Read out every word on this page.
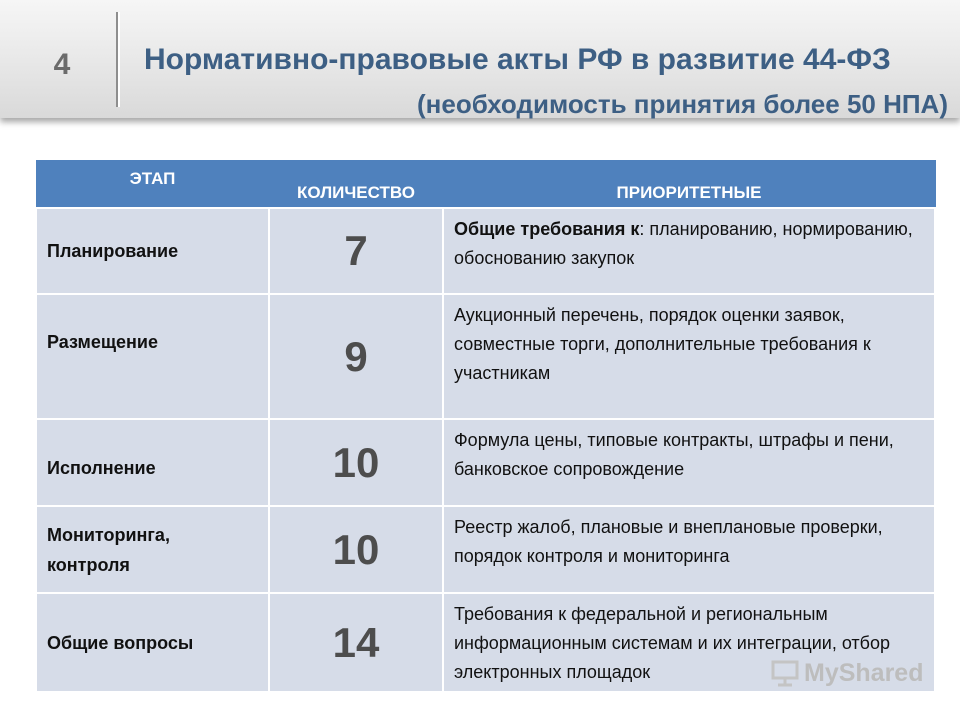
4	Нормативно-правовые акты РФ в развитие 44-ФЗ
(необходимость принятия более 50 НПА)
ЭТАП	КОЛИЧЕСТВО	ПРИОРИТЕТНЫЕ
Планирование	7	Общие требования к: планированию, нормированию, обоснованию закупок
Размещение	9	Аукционный перечень, порядок оценки заявок, совместные торги, дополнительные требования к участникам
Исполнение	10	Формула цены, типовые контракты, штрафы и пени, банковское сопровождение
Мониторинга, контроля	10	Реестр жалоб, плановые и внеплановые проверки, порядок контроля и мониторинга
Общие вопросы	14	Требования к федеральной и региональным информационным системам и их интеграции, отбор электронных площадок	MyShared
